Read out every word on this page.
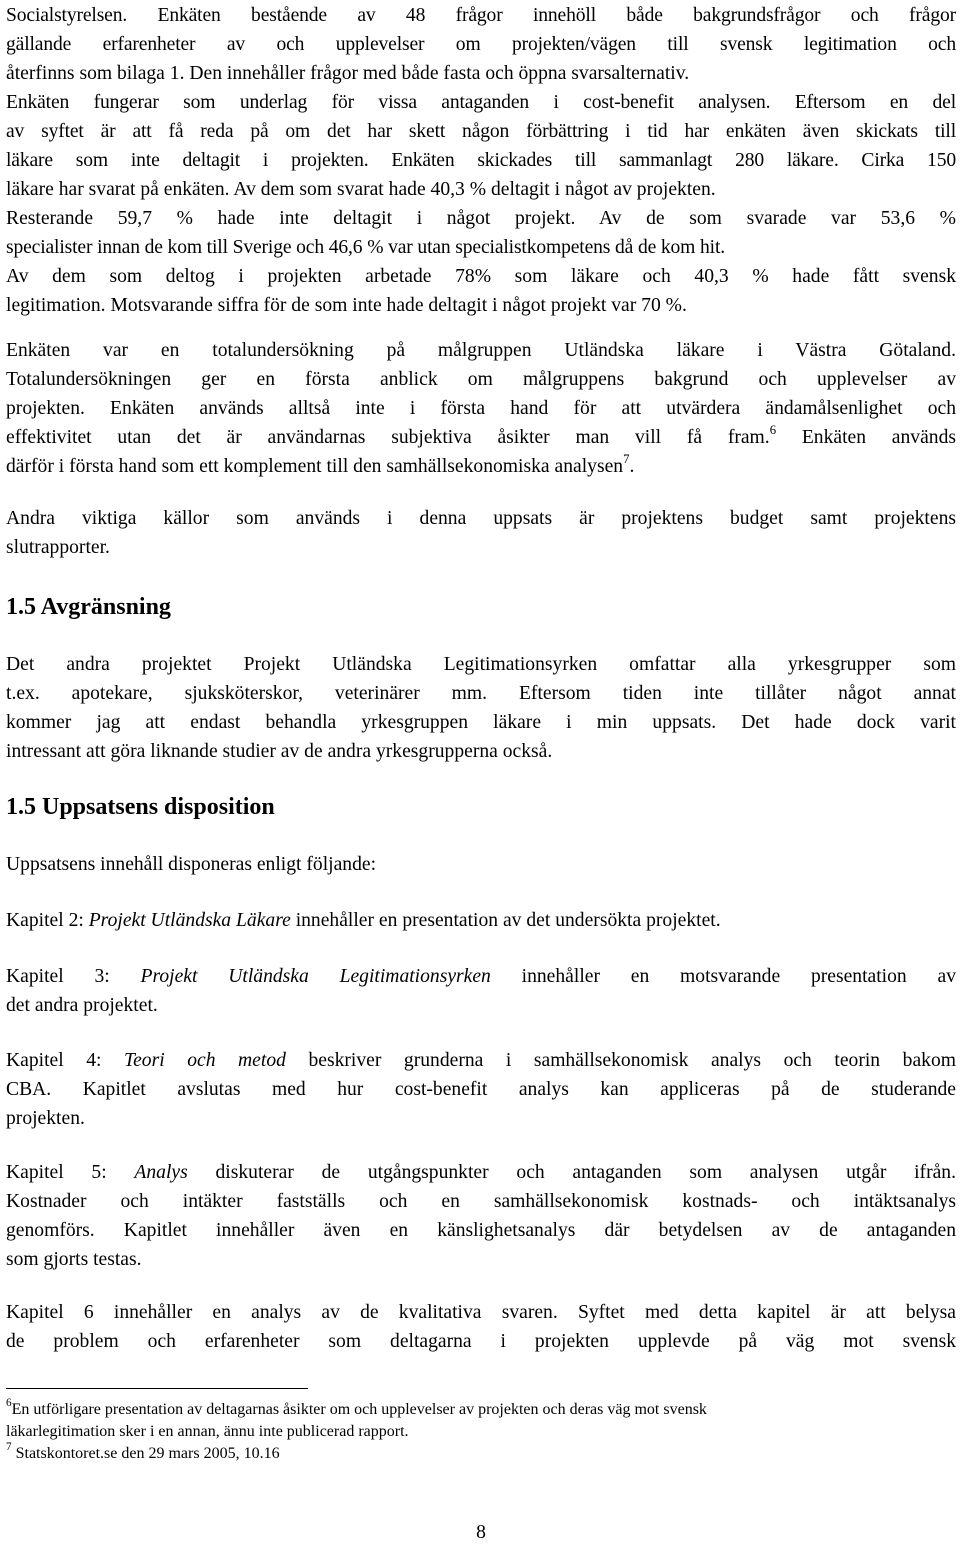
Socialstyrelsen. Enkäten bestående av 48 frågor innehöll både bakgrundsfrågor och frågor

gällande erfarenheter av och upplevelser om projekten/vägen till svensk legitimation och

återfinns som bilaga 1. Den innehåller frågor med både fasta och öppna svarsalternativ.

Enkäten fungerar som underlag för vissa antaganden i cost-benefit analysen. Eftersom en del

av syftet är att få reda på om det har skett någon förbättring i tid har enkäten även skickats till

läkare som inte deltagit i projekten. Enkäten skickades till sammanlagt 280 läkare. Cirka 150

läkare har svarat på enkäten. Av dem som svarat hade 40,3 % deltagit i något av projekten.

Resterande 59,7 % hade inte deltagit i något projekt. Av de som svarade var 53,6 %

specialister innan de kom till Sverige och 46,6 % var utan specialistkompetens då de kom hit.

Av dem som deltog i projekten arbetade 78% som läkare och 40,3 % hade fått svensk

legitimation. Motsvarande siffra för de som inte hade deltagit i något projekt var 70 %.

Enkäten var en totalundersökning på målgruppen Utländska läkare i Västra Götaland.

Totalundersökningen ger en första anblick om målgruppens bakgrund och upplevelser av

projekten. Enkäten används alltså inte i första hand för att utvärdera ändamålsenlighet och

effektivitet utan det är användarnas subjektiva åsikter man vill få fram.$^6$ Enkäten används

därför i första hand som ett komplement till den samhällsekonomiska analysen$^7$.

Andra viktiga källor som används i denna uppsats är projektens budget samt projektens

slutrapporter.

1.5 Avgränsning

Det andra projektet Projekt Utländska Legitimationsyrken omfattar alla yrkesgrupper som

t.ex. apotekare, sjuksköterskor, veterinärer mm. Eftersom tiden inte tillåter något annat

kommer jag att endast behandla yrkesgruppen läkare i min uppsats. Det hade dock varit

intressant att göra liknande studier av de andra yrkesgrupperna också.

1.5 Uppsatsens disposition

Uppsatsens innehåll disponeras enligt följande:

Kapitel 2: Projekt Utländska Läkare innehåller en presentation av det undersökta projektet.

Kapitel 3: Projekt Utländska Legitimationsyrken innehåller en motsvarande presentation av

det andra projektet.

Kapitel 4: Teori och metod beskriver grunderna i samhällsekonomisk analys och teorin bakom

CBA. Kapitlet avslutas med hur cost-benefit analys kan appliceras på de studerande

projekten.

Kapitel 5: Analys diskuterar de utgångspunkter och antaganden som analysen utgår ifrån.

Kostnader och intäkter fastställs och en samhällsekonomisk kostnads- och intäktsanalys

genomförs. Kapitlet innehåller även en känslighetsanalys där betydelsen av de antaganden

som gjorts testas.

Kapitel 6 innehåller en analys av de kvalitativa svaren. Syftet med detta kapitel är att belysa

de problem och erfarenheter som deltagarna i projekten upplevde på väg mot svensk

$^6$En utförligare presentation av deltagarnas åsikter om och upplevelser av projekten och deras väg mot svensk

läkarlegitimation sker i en annan, ännu inte publicerad rapport.

$^7$ Statskontoret.se den 29 mars 2005, 10.16

8
